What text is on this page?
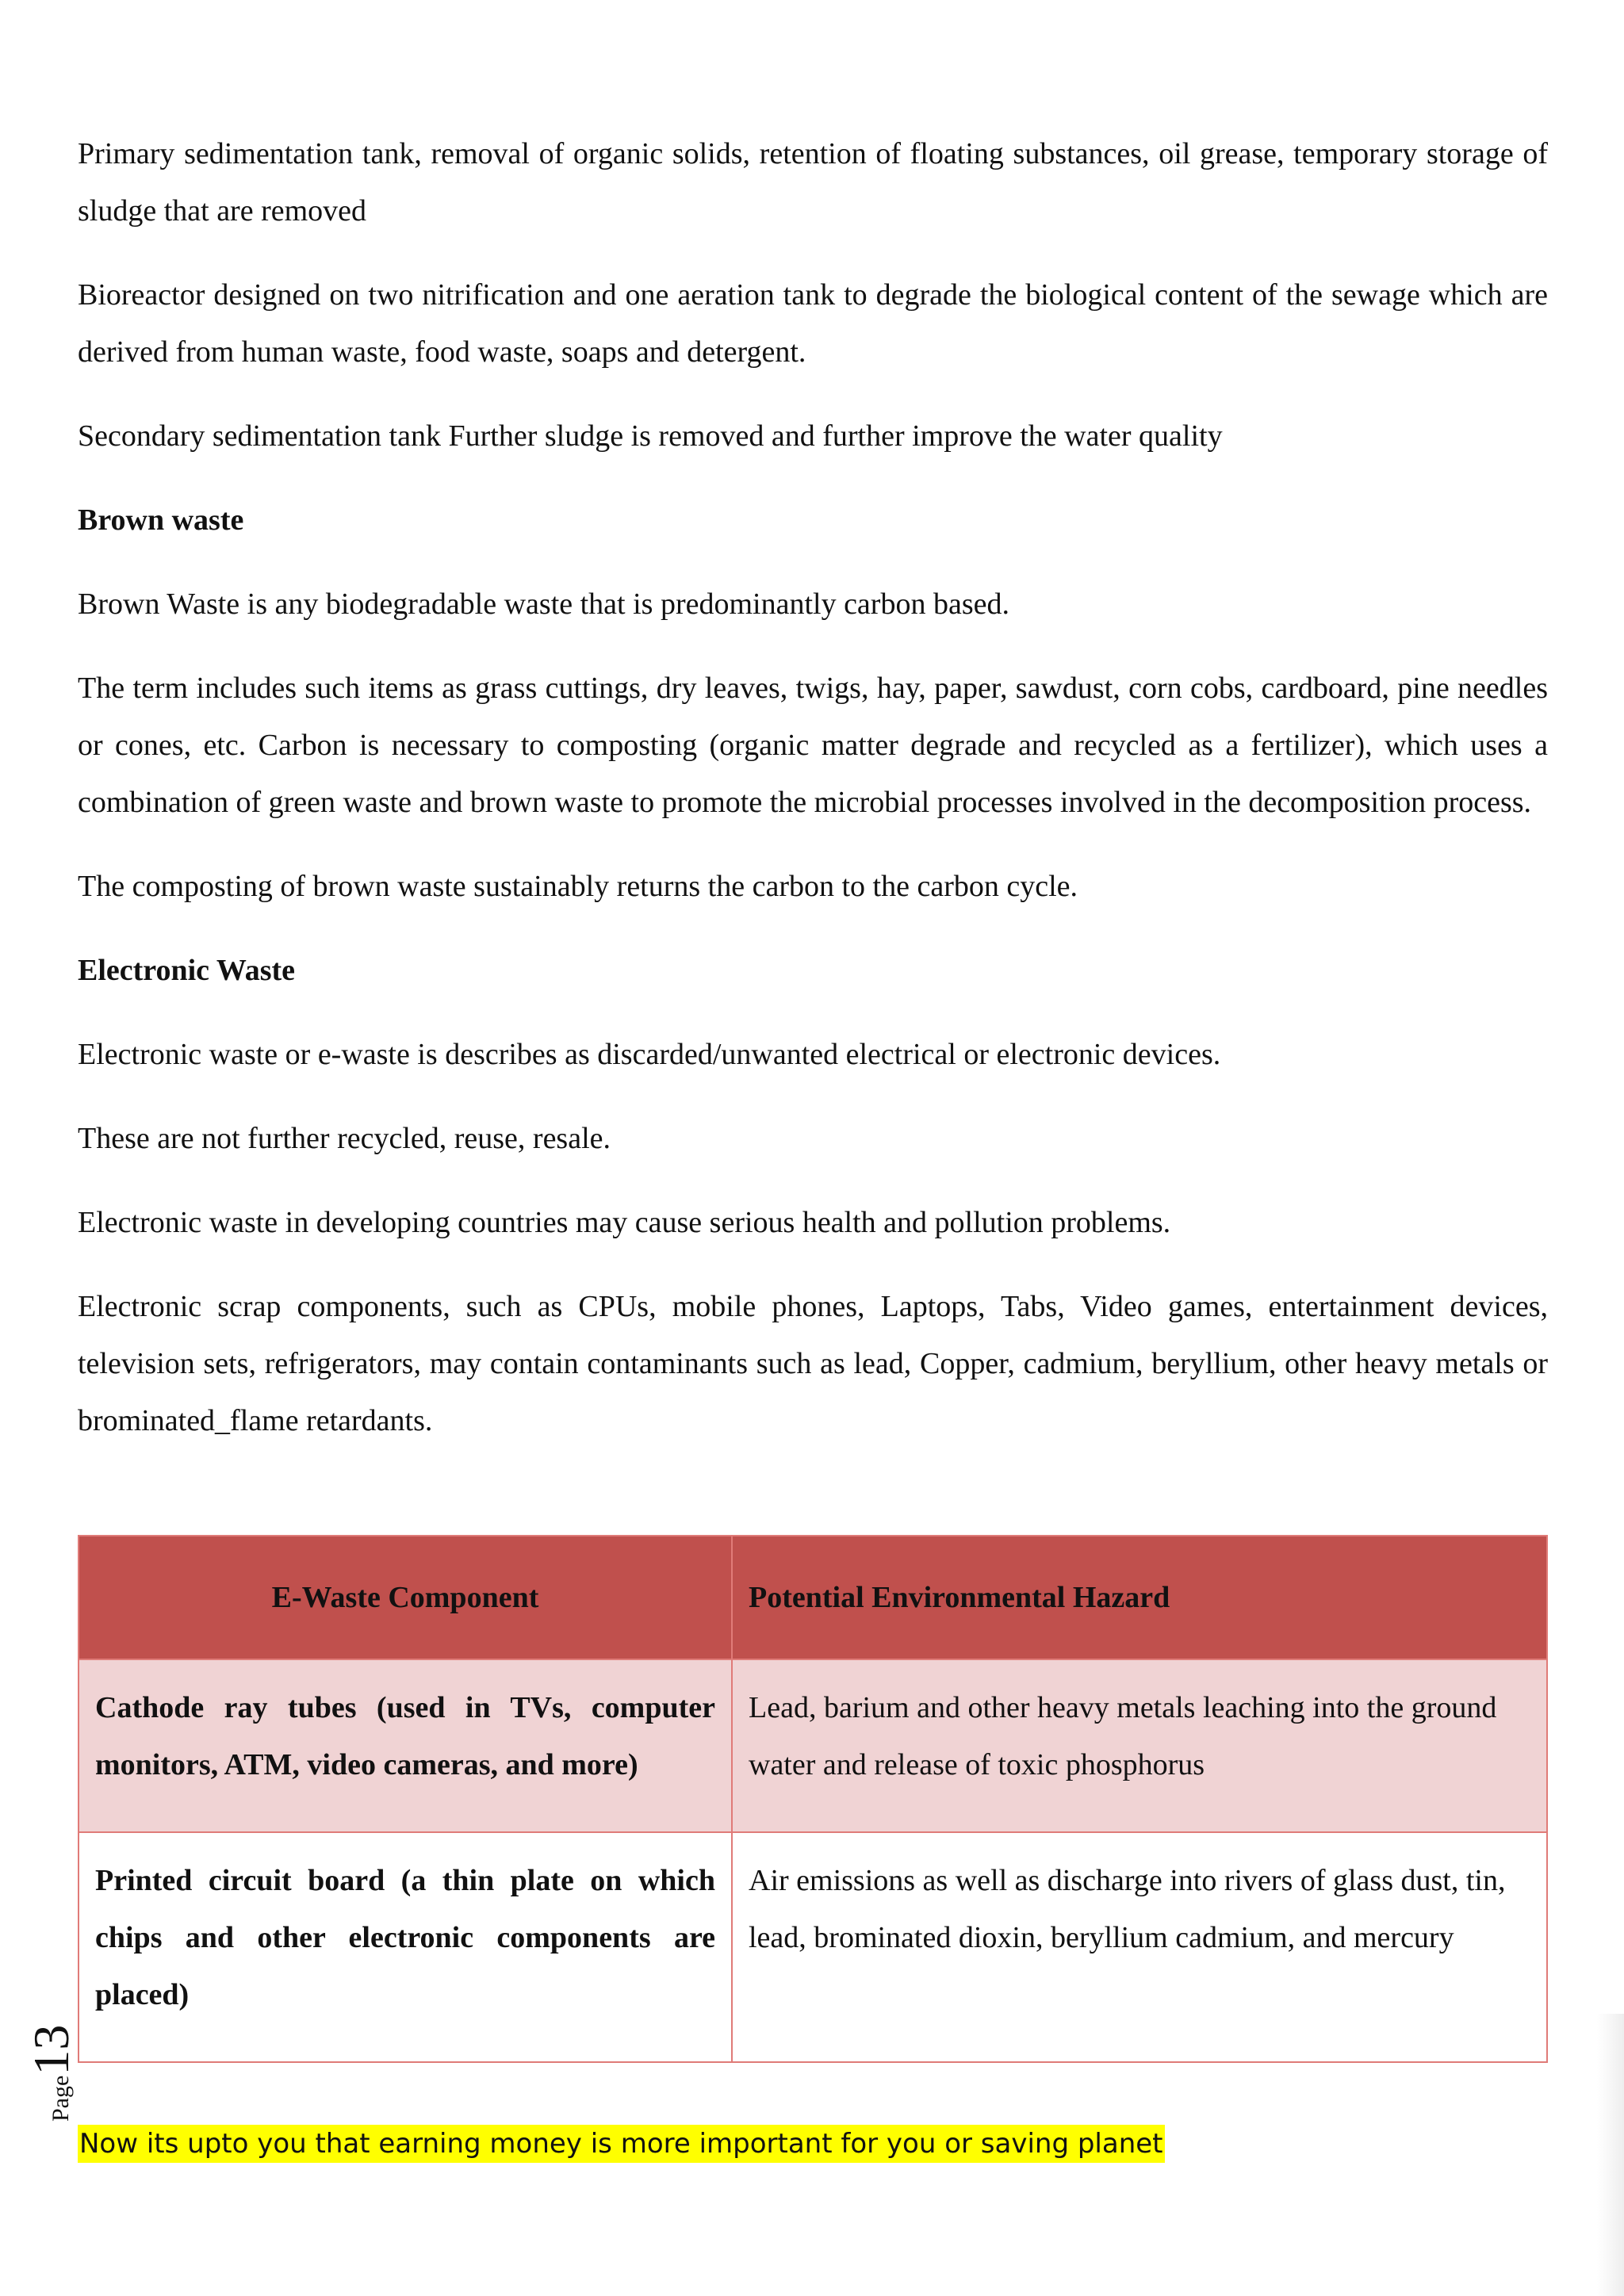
Primary sedimentation tank, removal of organic solids, retention of floating substances, oil grease, temporary storage of sludge that are removed

Bioreactor designed on two nitrification and one aeration tank to degrade the biological content of the sewage which are derived from human waste, food waste, soaps and detergent.

Secondary sedimentation tank Further sludge is removed and further improve the water quality

Brown waste

Brown Waste is any biodegradable waste that is predominantly carbon based.

The term includes such items as grass cuttings, dry leaves, twigs, hay, paper, sawdust, corn cobs, cardboard, pine needles or cones, etc. Carbon is necessary to composting (organic matter degrade and recycled as a fertilizer), which uses a combination of green waste and brown waste to promote the microbial processes involved in the decomposition process.

The composting of brown waste sustainably returns the carbon to the carbon cycle.

Electronic Waste

Electronic waste or e-waste is describes as discarded/unwanted electrical or electronic devices.

These are not further recycled, reuse, resale.

Electronic waste in developing countries may cause serious health and pollution problems.

Electronic scrap components, such as CPUs, mobile phones, Laptops, Tabs, Video games, entertainment devices, television sets, refrigerators, may contain contaminants such as lead, Copper, cadmium, beryllium, other heavy metals or brominated_flame retardants.

E-Waste Component	Potential Environmental Hazard
Cathode ray tubes (used in TVs, computer monitors, ATM, video cameras, and more)	Lead, barium and other heavy metals leaching into the ground water and release of toxic phosphorus
Printed circuit board (a thin plate on which chips and other electronic components are placed)	Air emissions as well as discharge into rivers of glass dust, tin, lead, brominated dioxin, beryllium cadmium, and mercury
Page13
Now its upto you that earning money is more important for you or saving planet
